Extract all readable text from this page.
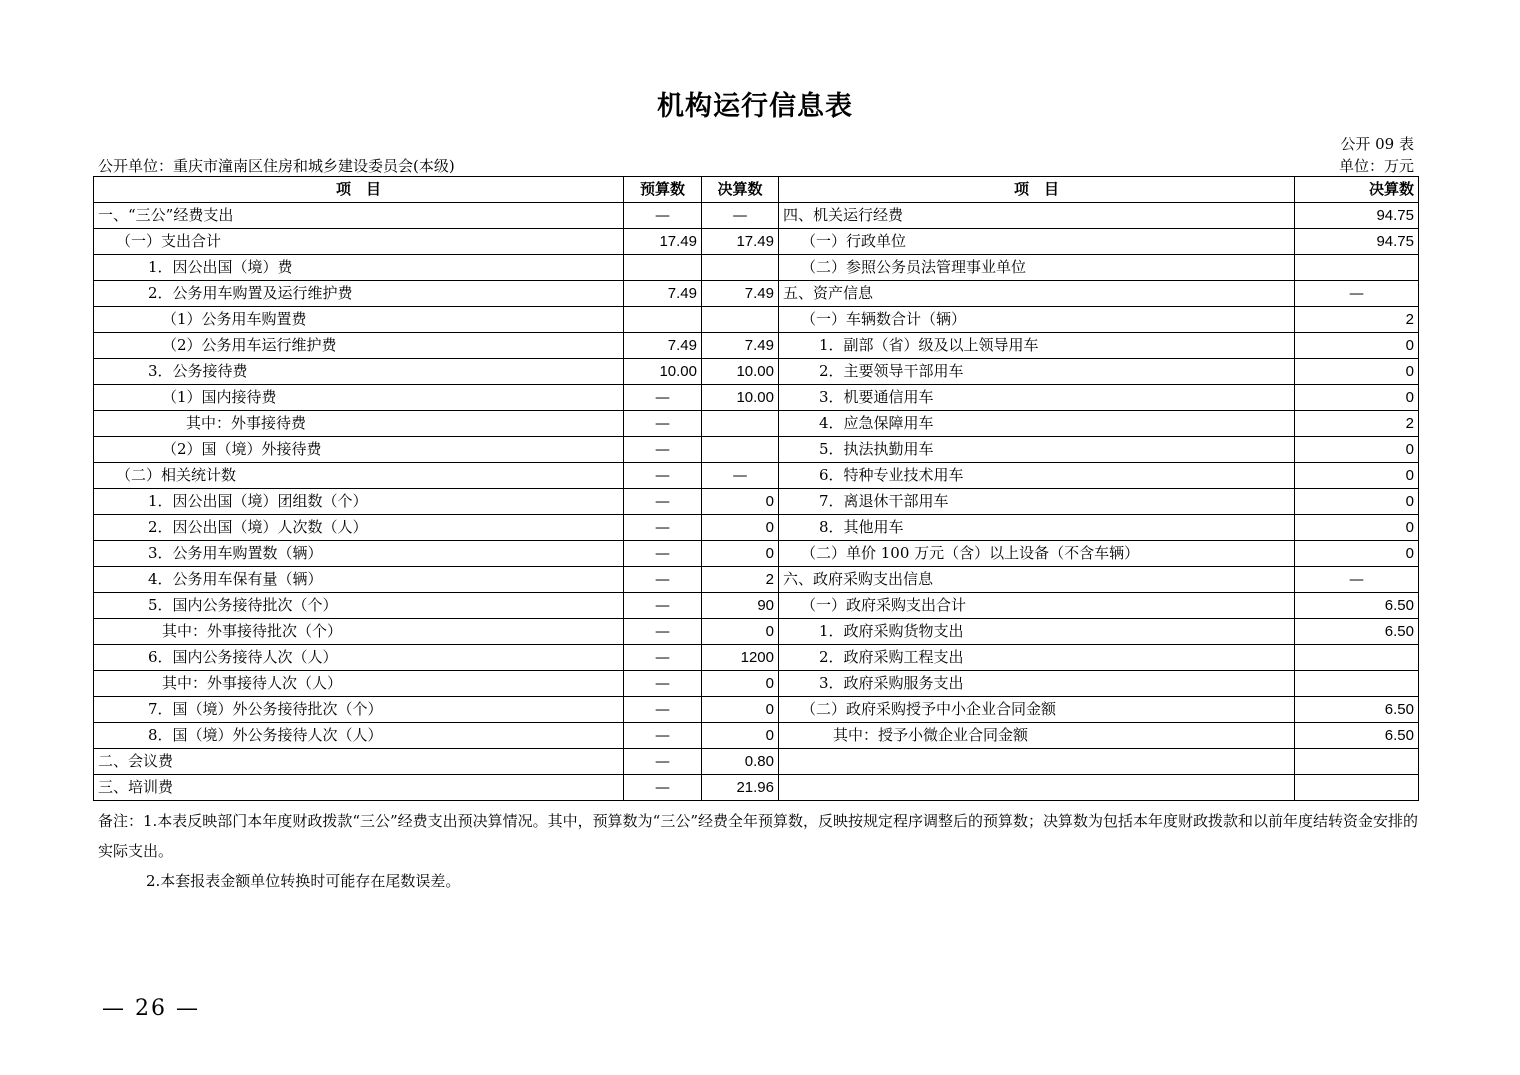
机构运行信息表
公开 09 表
公开单位：重庆市潼南区住房和城乡建设委员会(本级)	单位：万元
项　目	预算数	决算数	项　目	决算数
一、“三公”经费支出	—	—	四、机关运行经费	94.75
（一）支出合计	17.49	17.49	（一）行政单位	94.75
1．因公出国（境）费			（二）参照公务员法管理事业单位	
2．公务用车购置及运行维护费	7.49	7.49	五、资产信息	—
（1）公务用车购置费			（一）车辆数合计（辆）	2
（2）公务用车运行维护费	7.49	7.49	1．副部（省）级及以上领导用车	0
3．公务接待费	10.00	10.00	2．主要领导干部用车	0
（1）国内接待费	—	10.00	3．机要通信用车	0
其中：外事接待费	—		4．应急保障用车	2
（2）国（境）外接待费	—		5．执法执勤用车	0
（二）相关统计数	—	—	6．特种专业技术用车	0
1．因公出国（境）团组数（个）	—	0	7．离退休干部用车	0
2．因公出国（境）人次数（人）	—	0	8．其他用车	0
3．公务用车购置数（辆）	—	0	（二）单价 100 万元（含）以上设备（不含车辆）	0
4．公务用车保有量（辆）	—	2	六、政府采购支出信息	—
5．国内公务接待批次（个）	—	90	（一）政府采购支出合计	6.50
其中：外事接待批次（个）	—	0	1．政府采购货物支出	6.50
6．国内公务接待人次（人）	—	1200	2．政府采购工程支出	
其中：外事接待人次（人）	—	0	3．政府采购服务支出	
7．国（境）外公务接待批次（个）	—	0	（二）政府采购授予中小企业合同金额	6.50
8．国（境）外公务接待人次（人）	—	0	其中：授予小微企业合同金额	6.50
二、会议费	—	0.80		
三、培训费	—	21.96		
备注：1.本表反映部门本年度财政拨款“三公”经费支出预决算情况。其中，预算数为“三公”经费全年预算数，反映按规定程序调整后的预算数；决算数为包括本年度财政拨款和以前年度结转资金安排的实际支出。
2.本套报表金额单位转换时可能存在尾数误差。
— 26 —
